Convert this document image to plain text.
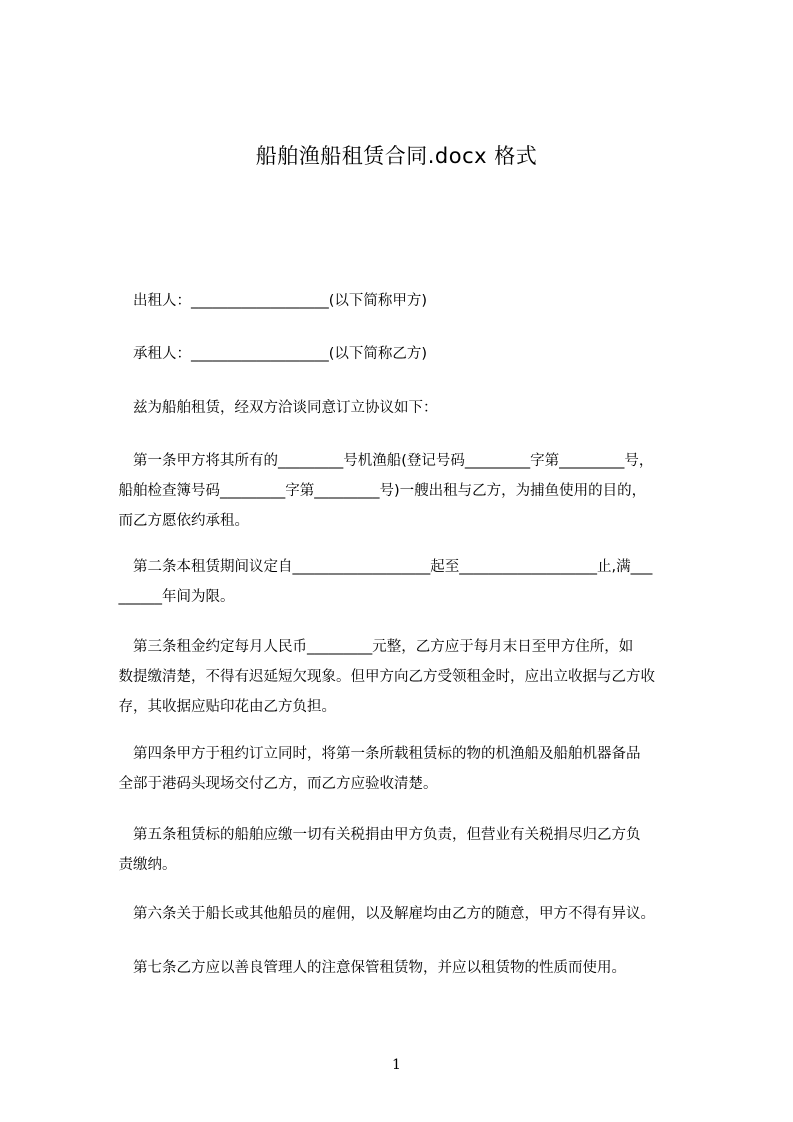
船舶渔船租赁合同.docx 格式
　　出租人：___________________(以下简称甲方)
　　承租人：___________________(以下简称乙方)
　　兹为船舶租赁，经双方洽谈同意订立协议如下：
　　第一条甲方将其所有的_________号机渔船(登记号码_________字第_________号，
　船舶检查簿号码_________字第_________号)一艘出租与乙方，为捕鱼使用的目的，
　而乙方愿依约承租。
　　第二条本租赁期间议定自___________________起至___________________止,满___
　______年间为限。
　　第三条租金约定每月人民币_________元整，乙方应于每月末日至甲方住所，如
　数提缴清楚，不得有迟延短欠现象。但甲方向乙方受领租金时，应出立收据与乙方收
　存，其收据应贴印花由乙方负担。
　　第四条甲方于租约订立同时，将第一条所载租赁标的物的机渔船及船舶机器备品
　全部于港码头现场交付乙方，而乙方应验收清楚。
　　第五条租赁标的船舶应缴一切有关税捐由甲方负责，但营业有关税捐尽归乙方负
　责缴纳。
　　第六条关于船长或其他船员的雇佣，以及解雇均由乙方的随意，甲方不得有异议。
　　第七条乙方应以善良管理人的注意保管租赁物，并应以租赁物的性质而使用。
1
